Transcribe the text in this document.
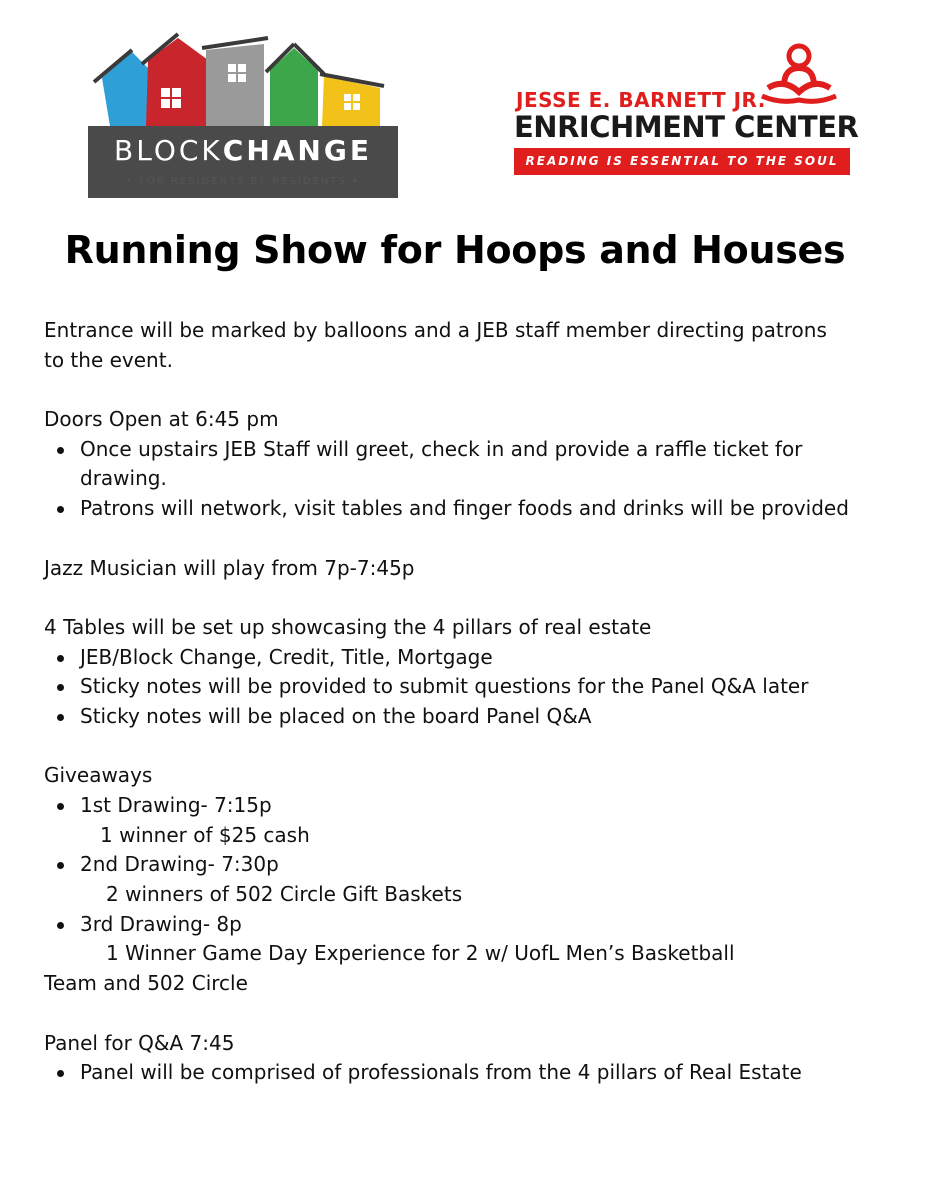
BLOCKCHANGE
• FOR RESIDENTS BY RESIDENTS •
JESSE E. BARNETT JR.
ENRICHMENT CENTER
READING IS ESSENTIAL TO THE SOUL
Running Show for Hoops and Houses
Entrance will be marked by balloons and a JEB staff member directing patrons
to the event.
Doors Open at 6:45 pm
Once upstairs JEB Staff will greet, check in and provide a raffle ticket for
drawing.
Patrons will network, visit tables and finger foods and drinks will be provided
Jazz Musician will play from 7p-7:45p
4 Tables will be set up showcasing the 4 pillars of real estate
JEB/Block Change, Credit, Title, Mortgage
Sticky notes will be provided to submit questions for the Panel Q&A later
Sticky notes will be placed on the board Panel Q&A
Giveaways
1st Drawing- 7:15p
1 winner of $25 cash
2nd Drawing- 7:30p
2 winners of 502 Circle Gift Baskets
3rd Drawing- 8p
1 Winner Game Day Experience for 2 w/ UofL Men’s Basketball
Team and 502 Circle
Panel for Q&A 7:45
Panel will be comprised of professionals from the 4 pillars of Real Estate
